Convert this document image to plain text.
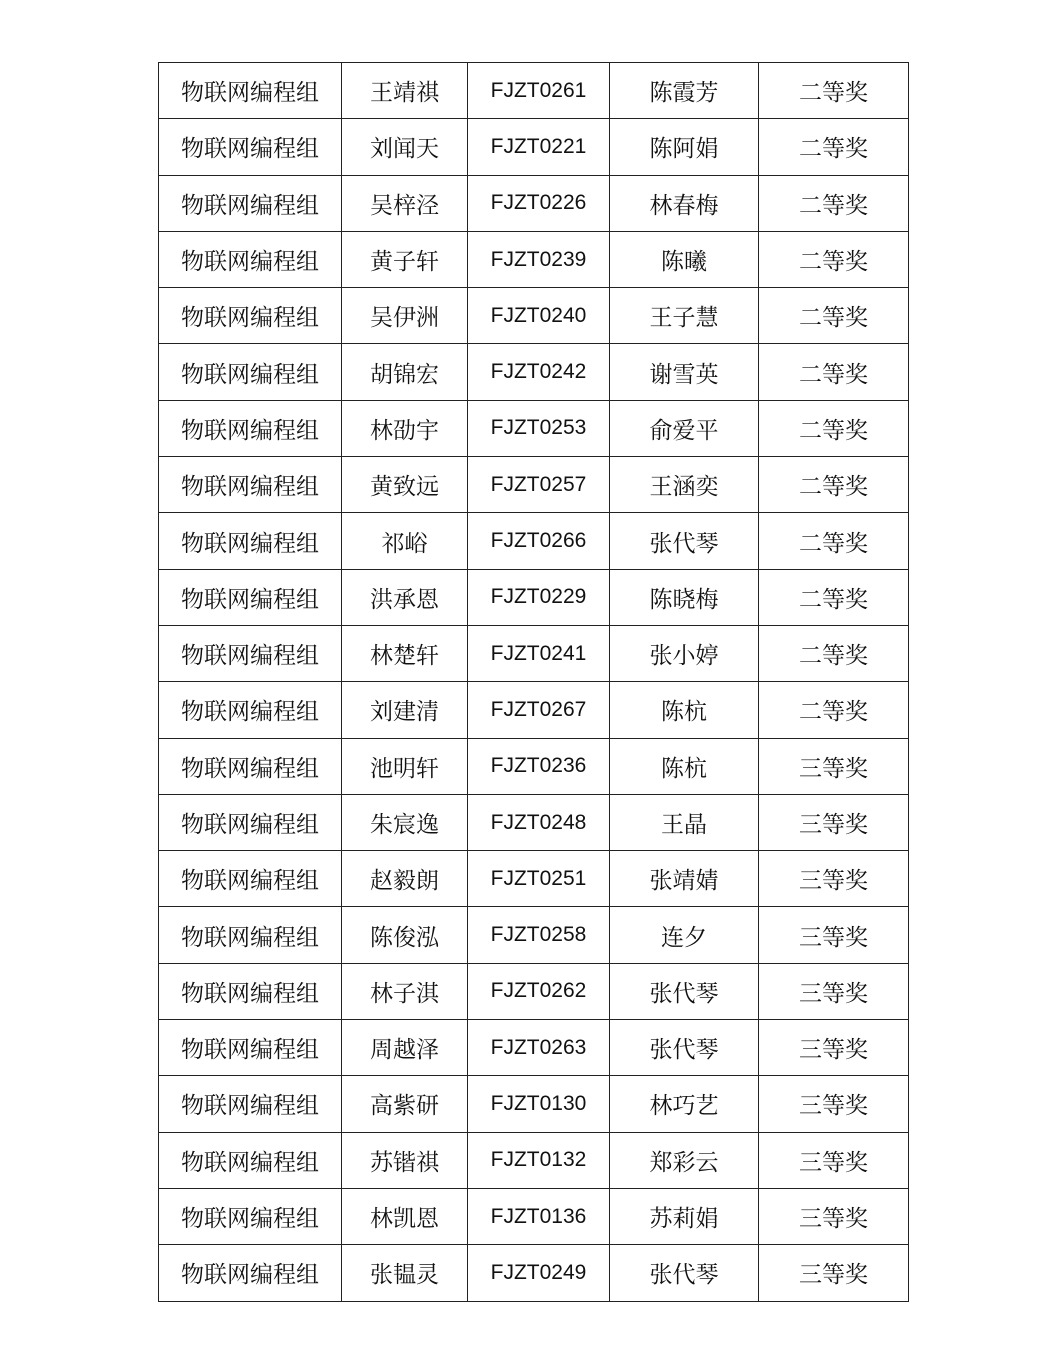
物联网编程组	王靖祺	FJZT0261	陈霞芳	二等奖
物联网编程组	刘闻天	FJZT0221	陈阿娟	二等奖
物联网编程组	吴梓泾	FJZT0226	林春梅	二等奖
物联网编程组	黄子轩	FJZT0239	陈曦	二等奖
物联网编程组	吴伊洲	FJZT0240	王子慧	二等奖
物联网编程组	胡锦宏	FJZT0242	谢雪英	二等奖
物联网编程组	林劭宇	FJZT0253	俞爱平	二等奖
物联网编程组	黄致远	FJZT0257	王涵奕	二等奖
物联网编程组	祁峪	FJZT0266	张代琴	二等奖
物联网编程组	洪承恩	FJZT0229	陈晓梅	二等奖
物联网编程组	林楚轩	FJZT0241	张小婷	二等奖
物联网编程组	刘建清	FJZT0267	陈杭	二等奖
物联网编程组	池明轩	FJZT0236	陈杭	三等奖
物联网编程组	朱宸逸	FJZT0248	王晶	三等奖
物联网编程组	赵毅朗	FJZT0251	张靖婧	三等奖
物联网编程组	陈俊泓	FJZT0258	连夕	三等奖
物联网编程组	林子淇	FJZT0262	张代琴	三等奖
物联网编程组	周越泽	FJZT0263	张代琴	三等奖
物联网编程组	高紫研	FJZT0130	林巧艺	三等奖
物联网编程组	苏锴祺	FJZT0132	郑彩云	三等奖
物联网编程组	林凯恩	FJZT0136	苏莉娟	三等奖
物联网编程组	张韫灵	FJZT0249	张代琴	三等奖
